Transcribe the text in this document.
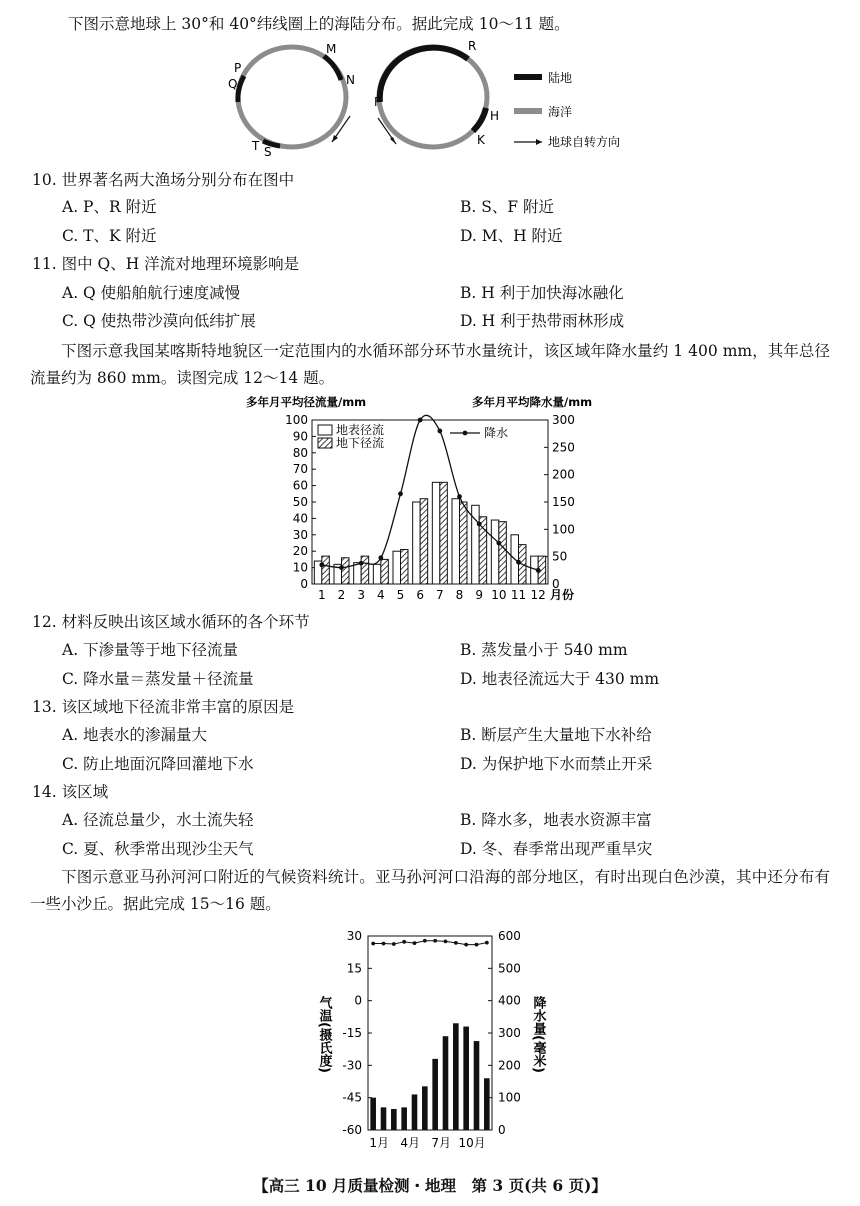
下图示意地球上 30°和 40°纬线圈上的海陆分布。据此完成 10～11 题。
P
Q
M
N
T S
R
F
H
K
陆地
海洋
地球自转方向
10. 世界著名两大渔场分别分布在图中
A. P、R 附近	B. S、F 附近
C. T、K 附近	D. M、H 附近
11. 图中 Q、H 洋流对地理环境影响是
A. Q 使船舶航行速度减慢	B. H 利于加快海冰融化
C. Q 使热带沙漠向低纬扩展	D. H 利于热带雨林形成
下图示意我国某喀斯特地貌区一定范围内的水循环部分环节水量统计，该区域年降水量约 1 400 mm，其年总径流量约为 860 mm。读图完成 12～14 题。
多年月平均径流量/mm	多年月平均降水量/mm
0
10
20
30
40
50
60
70
80
90
100
0
50
100
150
200
250
300
1 2 3 4 5 6 7 8 9 10 11 12 月份
地表径流
地下径流
降水
12. 材料反映出该区域水循环的各个环节
A. 下渗量等于地下径流量	B. 蒸发量小于 540 mm
C. 降水量＝蒸发量＋径流量	D. 地表径流远大于 430 mm
13. 该区域地下径流非常丰富的原因是
A. 地表水的渗漏量大	B. 断层产生大量地下水补给
C. 防止地面沉降回灌地下水	D. 为保护地下水而禁止开采
14. 该区域
A. 径流总量少，水土流失轻	B. 降水多，地表水资源丰富
C. 夏、秋季常出现沙尘天气	D. 冬、春季常出现严重旱灾
下图示意亚马孙河河口附近的气候资料统计。亚马孙河河口沿海的部分地区，有时出现白色沙漠，其中还分布有一些小沙丘。据此完成 15～16 题。
30
15
0
-15
-30
-45
-60
600
500
400
300
200
100
0
气温(摄氏度)	降水量(毫米)
1月 4月 7月 10月
【高三 10 月质量检测・地理　第 3 页(共 6 页)】
